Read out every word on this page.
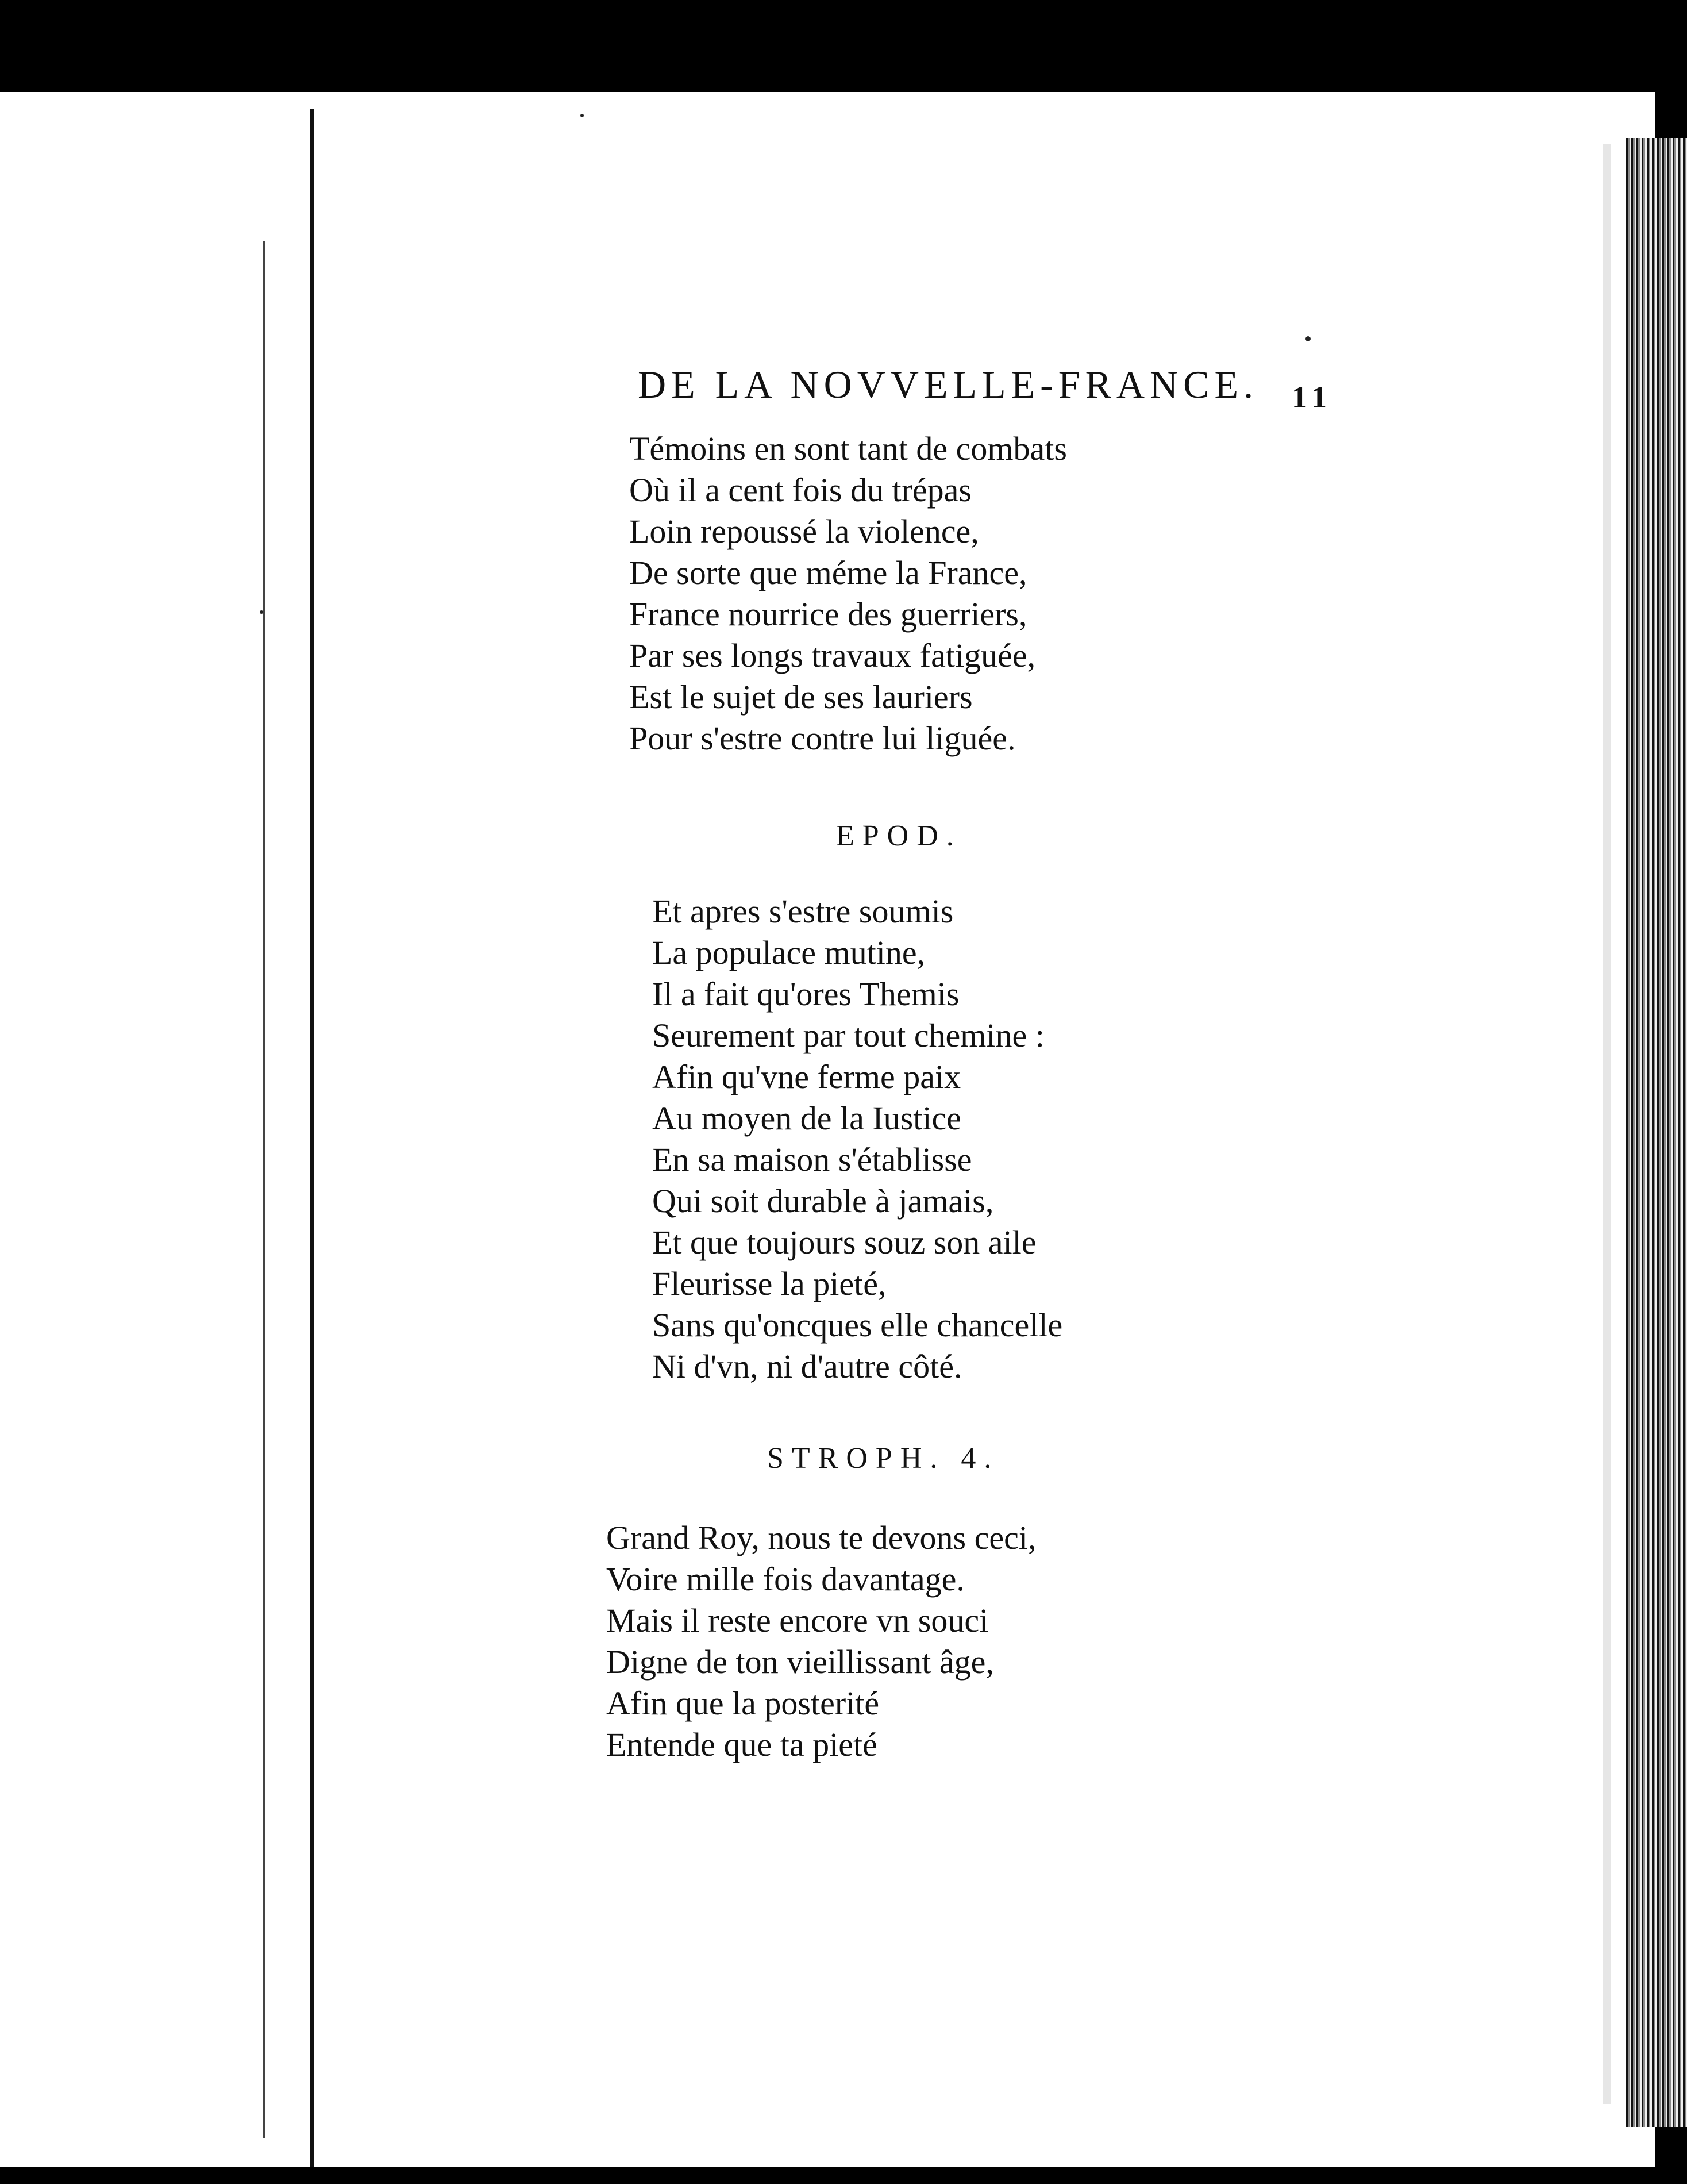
DE LA NOVVELLE-FRANCE. 11
Témoins en sont tant de combats
Où il a cent fois du trépas
Loin repoussé la violence,
De sorte que méme la France,
France nourrice des guerriers,
Par ses longs travaux fatiguée,
Est le sujet de ses lauriers
Pour s'estre contre lui liguée.
EPOD.
Et apres s'estre soumis
La populace mutine,
Il a fait qu'ores Themis
Seurement par tout chemine :
Afin qu'vne ferme paix
Au moyen de la Iustice
En sa maison s'établisse
Qui soit durable à jamais,
Et que toujours souz son aile
Fleurisse la pieté,
Sans qu'oncques elle chancelle
Ni d'vn, ni d'autre côté.
STROPH. 4.
Grand Roy, nous te devons ceci,
Voire mille fois davantage.
Mais il reste encore vn souci
Digne de ton vieillissant âge,
Afin que la posterité
Entende que ta pieté
